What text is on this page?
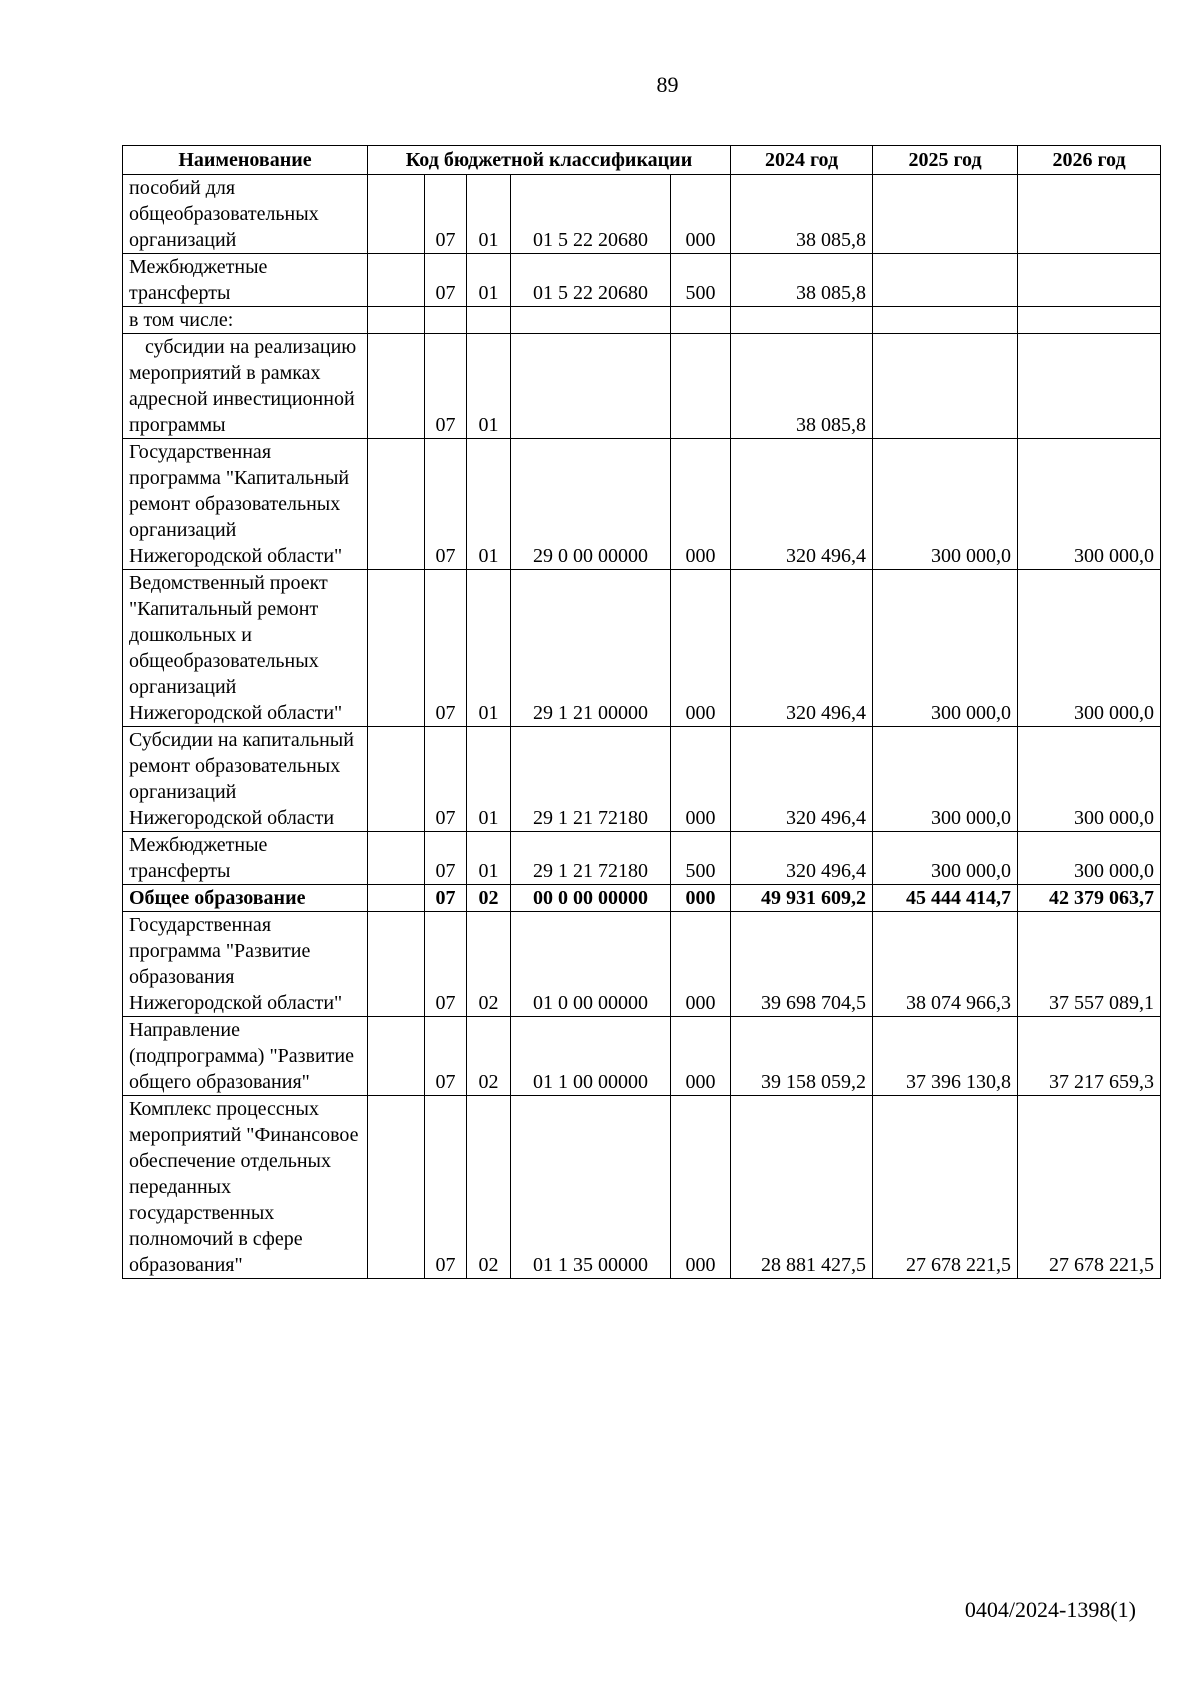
89
Наименование	Код бюджетной классификации					2024 год	2025 год	2026 год
пособий для общеобразовательных организаций		07	01	01 5 22 20680	000	38 085,8		
Межбюджетные трансферты		07	01	01 5 22 20680	500	38 085,8		
в том числе:								
субсидии на реализацию мероприятий в рамках адресной инвестиционной программы		07	01			38 085,8		
Государственная программа "Капитальный ремонт образовательных организаций Нижегородской области"		07	01	29 0 00 00000	000	320 496,4	300 000,0	300 000,0
Ведомственный проект "Капитальный ремонт дошкольных и общеобразовательных организаций Нижегородской области"		07	01	29 1 21 00000	000	320 496,4	300 000,0	300 000,0
Субсидии на капитальный ремонт образовательных организаций Нижегородской области		07	01	29 1 21 72180	000	320 496,4	300 000,0	300 000,0
Межбюджетные трансферты		07	01	29 1 21 72180	500	320 496,4	300 000,0	300 000,0
Общее образование		07	02	00 0 00 00000	000	49 931 609,2	45 444 414,7	42 379 063,7
Государственная программа "Развитие образования Нижегородской области"		07	02	01 0 00 00000	000	39 698 704,5	38 074 966,3	37 557 089,1
Направление (подпрограмма) "Развитие общего образования"		07	02	01 1 00 00000	000	39 158 059,2	37 396 130,8	37 217 659,3
Комплекс процессных мероприятий "Финансовое обеспечение отдельных переданных государственных полномочий в сфере образования"		07	02	01 1 35 00000	000	28 881 427,5	27 678 221,5	27 678 221,5
0404/2024-1398(1)
